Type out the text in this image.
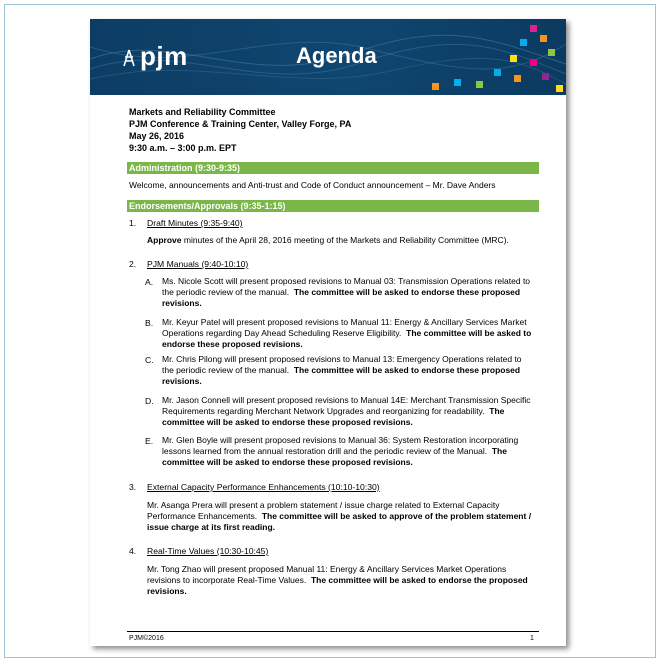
pjm	Agenda
Markets and Reliability Committee
PJM Conference & Training Center, Valley Forge, PA
May 26, 2016
9:30 a.m. – 3:00 p.m. EPT
Administration (9:30-9:35)
Welcome, announcements and Anti-trust and Code of Conduct announcement – Mr. Dave Anders
Endorsements/Approvals (9:35-1:15)
1. Draft Minutes (9:35-9:40)
Approve minutes of the April 28, 2016 meeting of the Markets and Reliability Committee (MRC).
2. PJM Manuals (9:40-10:10)
A. Ms. Nicole Scott will present proposed revisions to Manual 03: Transmission Operations related to
the periodic review of the manual. The committee will be asked to endorse these proposed
revisions.
B. Mr. Keyur Patel will present proposed revisions to Manual 11: Energy & Ancillary Services Market
Operations regarding Day Ahead Scheduling Reserve Eligibility. The committee will be asked to
endorse these proposed revisions.
C. Mr. Chris Pilong will present proposed revisions to Manual 13: Emergency Operations related to
the periodic review of the manual. The committee will be asked to endorse these proposed
revisions.
D. Mr. Jason Connell will present proposed revisions to Manual 14E: Merchant Transmission Specific
Requirements regarding Merchant Network Upgrades and reorganizing for readability. The
committee will be asked to endorse these proposed revisions.
E. Mr. Glen Boyle will present proposed revisions to Manual 36: System Restoration incorporating
lessons learned from the annual restoration drill and the periodic review of the Manual. The
committee will be asked to endorse these proposed revisions.
3. External Capacity Performance Enhancements (10:10-10:30)
Mr. Asanga Prera will present a problem statement / issue charge related to External Capacity
Performance Enhancements. The committee will be asked to approve of the problem statement /
issue charge at its first reading.
4. Real-Time Values (10:30-10:45)
Mr. Tong Zhao will present proposed Manual 11: Energy & Ancillary Services Market Operations
revisions to incorporate Real-Time Values. The committee will be asked to endorse the proposed
revisions.
PJM©2016	1
